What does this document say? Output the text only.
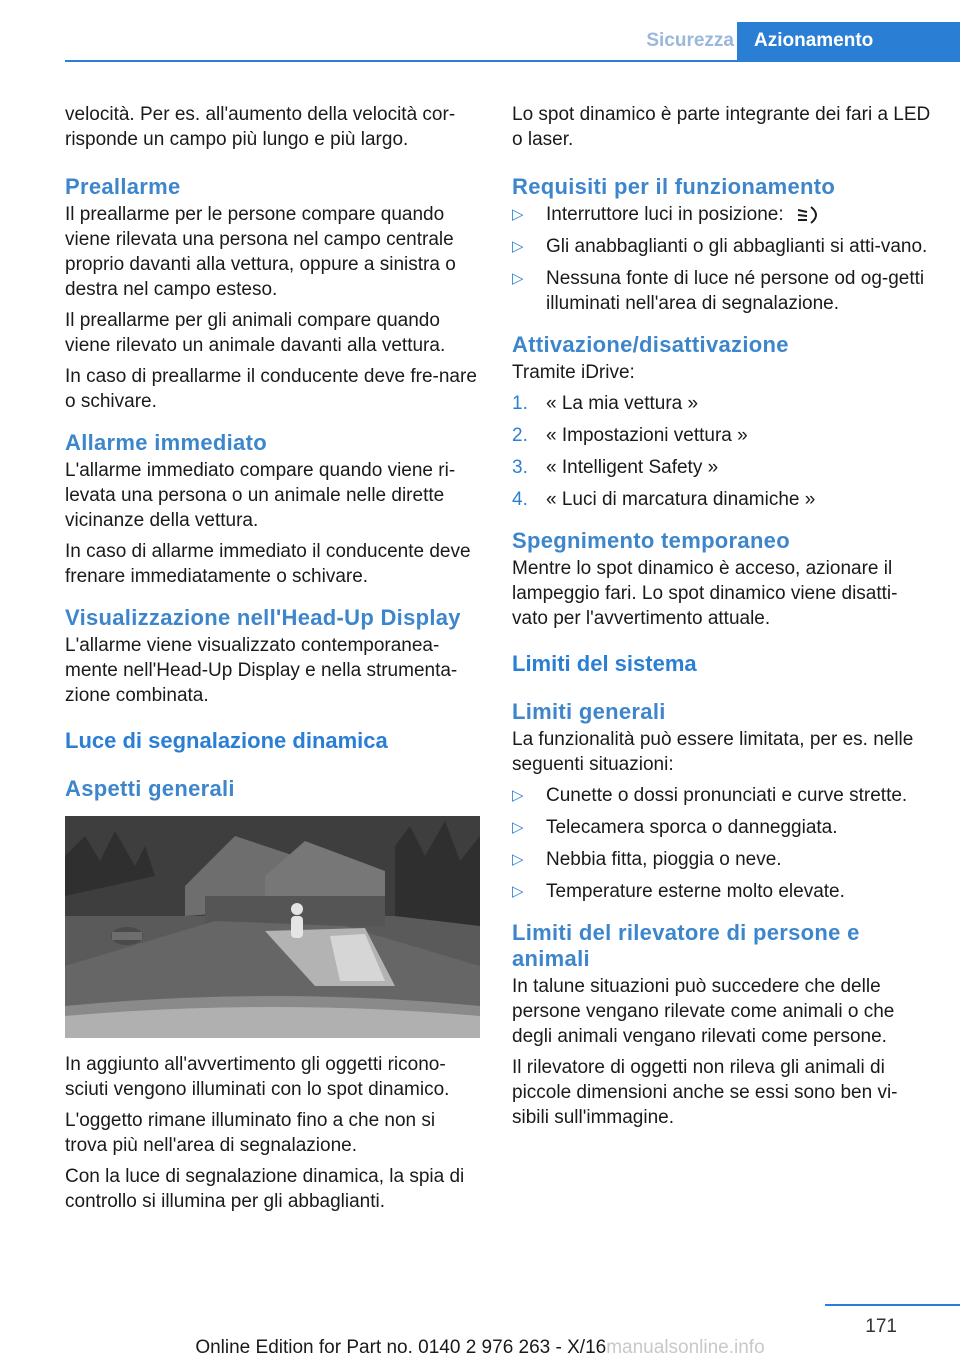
Sicurezza	Azionamento

velocità. Per es. all'aumento della velocità cor-risponde un campo più lungo e più largo.

Preallarme

Il preallarme per le persone compare quando viene rilevata una persona nel campo centrale proprio davanti alla vettura, oppure a sinistra o destra nel campo esteso.

Il preallarme per gli animali compare quando viene rilevato un animale davanti alla vettura.

In caso di preallarme il conducente deve fre-nare o schivare.

Allarme immediato

L'allarme immediato compare quando viene ri-levata una persona o un animale nelle dirette vicinanze della vettura.

In caso di allarme immediato il conducente deve frenare immediatamente o schivare.

Visualizzazione nell'Head-Up Display

L'allarme viene visualizzato contemporanea-mente nell'Head-Up Display e nella strumenta-zione combinata.

Luce di segnalazione dinamica
Aspetti generali

In aggiunto all'avvertimento gli oggetti ricono-sciuti vengono illuminati con lo spot dinamico.

L'oggetto rimane illuminato fino a che non si trova più nell'area di segnalazione.

Con la luce di segnalazione dinamica, la spia di controllo si illumina per gli abbaglianti.

Lo spot dinamico è parte integrante dei fari a LED o laser.

Requisiti per il funzionamento
▷ Interruttore luci in posizione:
▷ Gli anabbaglianti o gli abbaglianti si atti-vano.
▷ Nessuna fonte di luce né persone od og-getti illuminati nell'area di segnalazione.
Attivazione/disattivazione

Tramite iDrive:

1. « La mia vettura »
2. « Impostazioni vettura »
3. « Intelligent Safety »
4. « Luci di marcatura dinamiche »
Spegnimento temporaneo

Mentre lo spot dinamico è acceso, azionare il lampeggio fari. Lo spot dinamico viene disatti-vato per l'avvertimento attuale.

Limiti del sistema
Limiti generali

La funzionalità può essere limitata, per es. nelle seguenti situazioni:

▷ Cunette o dossi pronunciati e curve strette.
▷ Telecamera sporca o danneggiata.
▷ Nebbia fitta, pioggia o neve.
▷ Temperature esterne molto elevate.
Limiti del rilevatore di persone e animali

In talune situazioni può succedere che delle persone vengano rilevate come animali o che degli animali vengano rilevati come persone.

Il rilevatore di oggetti non rileva gli animali di piccole dimensioni anche se essi sono ben vi-sibili sull'immagine.

171
Online Edition for Part no. 0140 2 976 263 - X/16manualsonline.info
